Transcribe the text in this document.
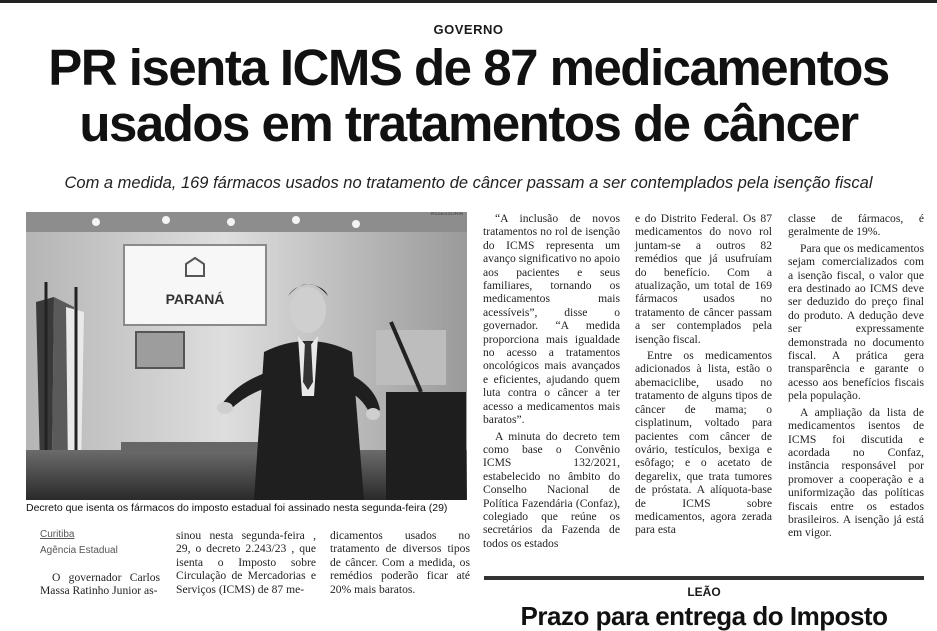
GOVERNO
PR isenta ICMS de 87 medicamentos
usados em tratamentos de câncer
Com a medida, 169 fármacos usados no tratamento de câncer passam a ser contemplados pela isenção fiscal
PARANÁ
ASSESSORIA
Decreto que isenta os fármacos do imposto estadual foi assinado nesta segunda-feira (29)
Curitiba
Agência Estadual

O governador Carlos Massa Ratinho Junior as-

sinou nesta segunda-feira , 29, o decreto 2.243/23 , que isenta o Imposto sobre Circulação de Mercadorias e Serviços (ICMS) de 87 me-

dicamentos usados no tratamento de diversos tipos de câncer. Com a medida, os remédios poderão ficar até 20% mais baratos.

“A inclusão de novos tratamentos no rol de isenção do ICMS representa um avanço significativo no apoio aos pacientes e seus familiares, tornando os medicamentos mais acessíveis”, disse o governador. “A medida proporciona mais igualdade no acesso a tratamentos oncológicos mais avançados e eficientes, ajudando quem luta contra o câncer a ter acesso a medicamentos mais baratos”.

A minuta do decreto tem como base o Convênio ICMS 132/2021, estabelecido no âmbito do Conselho Nacional de Política Fazendária (Confaz), colegiado que reúne os secretários da Fazenda de todos os estados

e do Distrito Federal. Os 87 medicamentos do novo rol juntam-se a outros 82 remédios que já usufruíam do benefício. Com a atualização, um total de 169 fármacos usados no tratamento de câncer passam a ser contemplados pela isenção fiscal.

Entre os medicamentos adicionados à lista, estão o abemaciclibe, usado no tratamento de alguns tipos de câncer de mama; o cisplatinum, voltado para pacientes com câncer de ovário, testículos, bexiga e esôfago; e o acetato de degarelix, que trata tumores de próstata. A alíquota-base de ICMS sobre medicamentos, agora zerada para esta

classe de fármacos, é geralmente de 19%.

Para que os medicamentos sejam comercializados com a isenção fiscal, o valor que era destinado ao ICMS deve ser deduzido do preço final do produto. A dedução deve ser expressamente demonstrada no documento fiscal. A prática gera transparência e garante o acesso aos benefícios fiscais pela população.

A ampliação da lista de medicamentos isentos de ICMS foi discutida e acordada no Confaz, instância responsável por promover a cooperação e a uniformização das políticas fiscais entre os estados brasileiros. A isenção já está em vigor.

LEÃO
Prazo para entrega do Imposto
